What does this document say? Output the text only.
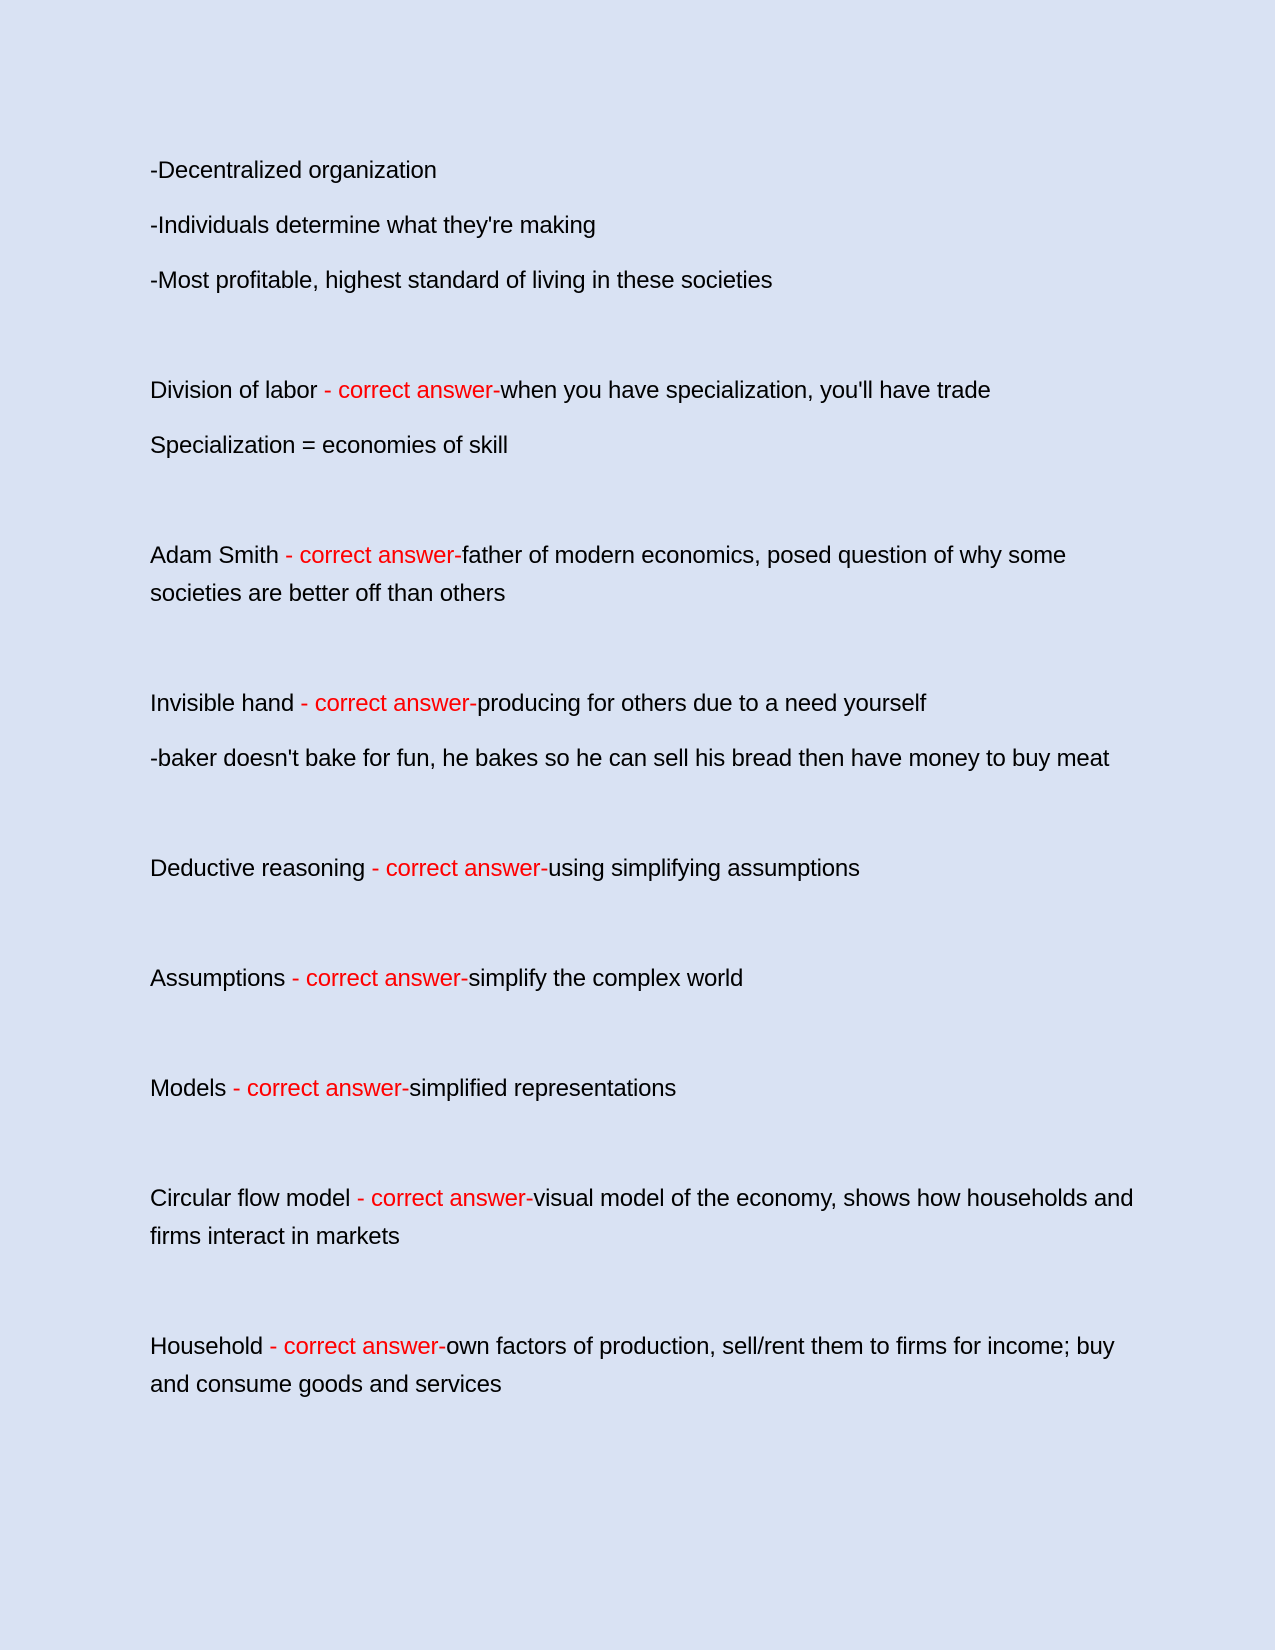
-Decentralized organization

-Individuals determine what they're making

-Most profitable, highest standard of living in these societies

Division of labor - correct answer-when you have specialization, you'll have trade

Specialization = economies of skill

Adam Smith - correct answer-father of modern economics, posed question of why some societies are better off than others

Invisible hand - correct answer-producing for others due to a need yourself

-baker doesn't bake for fun, he bakes so he can sell his bread then have money to buy meat

Deductive reasoning - correct answer-using simplifying assumptions

Assumptions - correct answer-simplify the complex world

Models - correct answer-simplified representations

Circular flow model - correct answer-visual model of the economy, shows how households and firms interact in markets

Household - correct answer-own factors of production, sell/rent them to firms for income; buy and consume goods and services
